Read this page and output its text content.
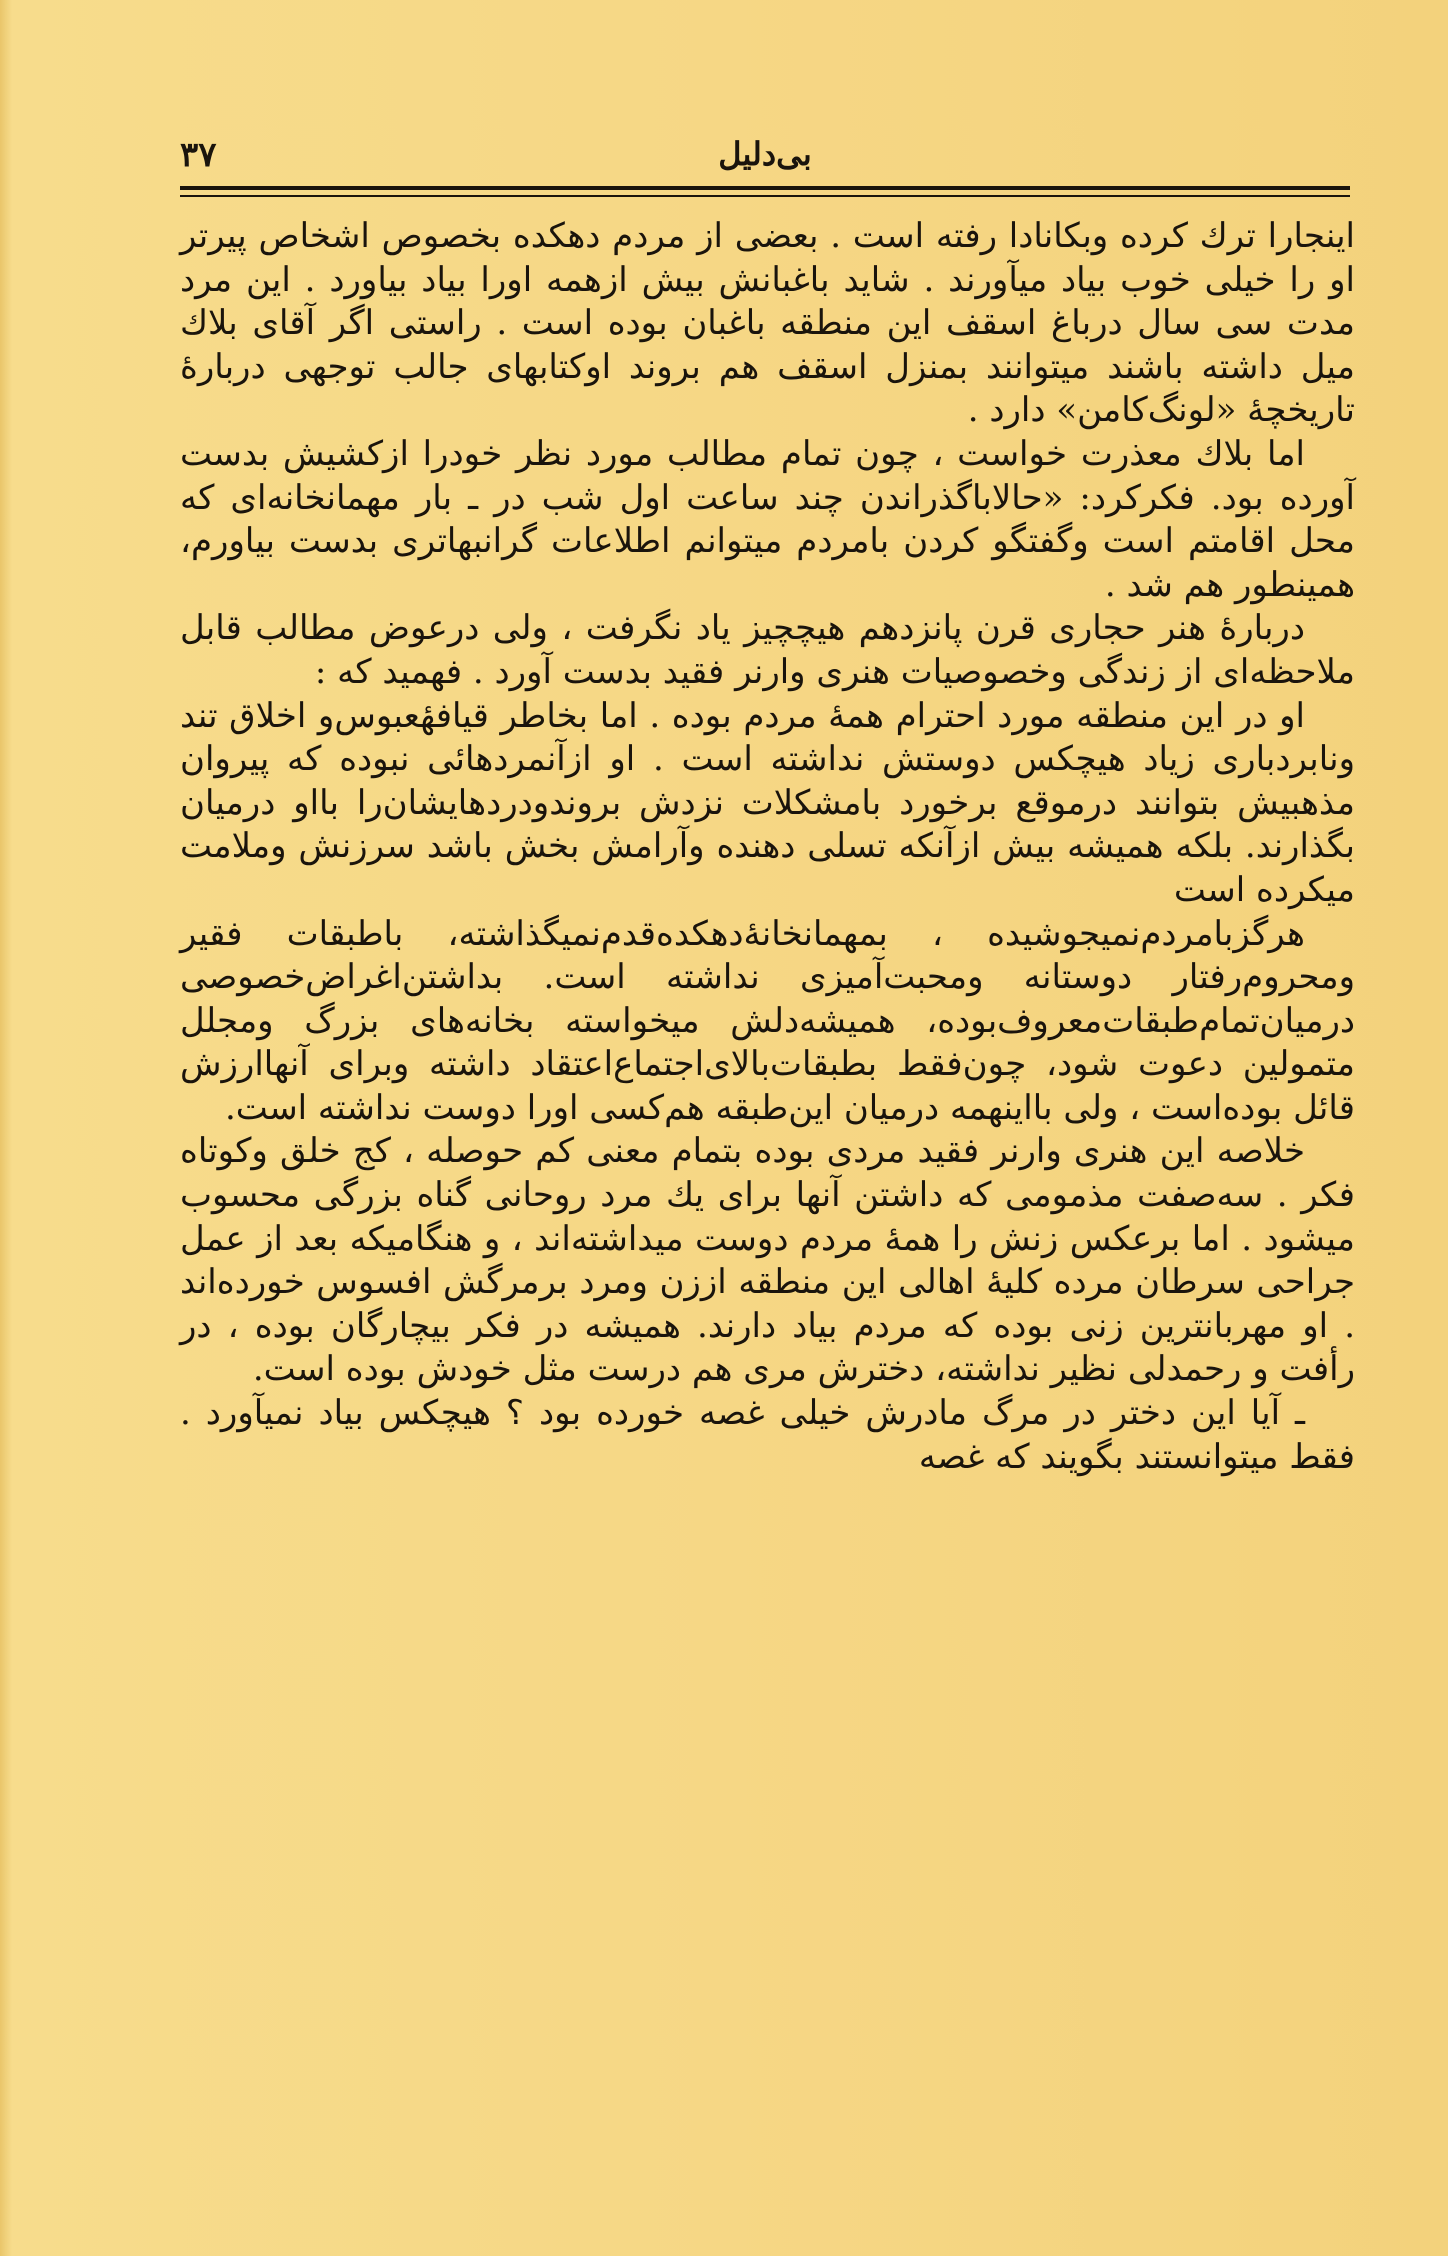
۳۷	بی‌دلیل

اینجارا ترك كرده وبكانادا رفته است . بعضی از مردم دهكده بخصوص اشخاص پیرتر او را خیلی خوب بیاد میآورند . شاید باغبانش بیش ازهمه اورا بیاد بیاورد . این مرد مدت سی سال درباغ اسقف این منطقه باغبان بوده است . راستی اگر آقای بلاك میل داشته باشند میتوانند بمنزل اسقف هم بروند اوكتابهای جالب توجهی دربارهٔ تاریخچهٔ «لونگ‌كامن» دارد .

اما بلاك معذرت خواست ، چون تمام مطالب مورد نظر خودرا ازكشیش بدست آورده بود. فكركرد: «حالاباگذراندن چند ساعت اول شب در ـ بار مهمانخانه‌ای كه محل اقامتم است وگفتگو كردن بامردم میتوانم اطلاعات گرانبهاتری بدست بیاورم، همینطور هم شد .

دربارهٔ هنر حجاری قرن پانزدهم هیچچیز یاد نگرفت ، ولی درعوض مطالب قابل ملاحظه‌ای از زندگی وخصوصیات هنری وارنر فقید بدست آورد . فهمید كه :

او در این منطقه مورد احترام همهٔ مردم بوده . اما بخاطر قیافهٔعبوس‌و اخلاق تند ونابردباری زیاد هیچكس دوستش نداشته است . او ازآنمردهائی نبوده كه پیروان مذهبیش بتوانند درموقع برخورد بامشكلات نزدش بروندودردهایشان‌را بااو درمیان بگذارند. بلكه همیشه بیش ازآنكه تسلی دهنده وآرامش بخش باشد سرزنش وملامت میكرده است

هرگزبامردم‌نمیجوشیده ، بمهمانخانهٔ‌دهكده‌قدم‌نمیگذاشته، باطبقات فقیر ومحروم‌رفتار دوستانه ومحبت‌آمیزی نداشته است. بداشتن‌اغراض‌خصوصی درمیان‌تمام‌طبقات‌معروف‌بوده، همیشه‌دلش میخواسته بخانه‌های بزرگ ومجلل متمولین دعوت شود، چون‌فقط بطبقات‌بالای‌اجتماع‌اعتقاد داشته وبرای آنهاارزش قائل بوده‌است ، ولی بااینهمه درمیان این‌طبقه هم‌كسی اورا دوست نداشته است.

خلاصه این هنری وارنر فقید مردی بوده بتمام معنی كم حوصله ، كج خلق وكوتاه فكر . سه‌صفت مذمومی كه داشتن آنها برای یك مرد روحانی گناه بزرگی محسوب میشود . اما برعكس زنش را همهٔ مردم دوست میداشته‌اند ، و هنگامیكه بعد از عمل جراحی سرطان مرده كلیهٔ اهالی این منطقه اززن ومرد برمرگش افسوس خورده‌اند . او مهربانترین زنی بوده كه مردم بیاد دارند. همیشه در فكر بیچارگان بوده ، در رأفت و رحمدلی نظیر نداشته، دخترش مری هم درست مثل خودش بوده است.

ـ آیا این دختر در مرگ مادرش خیلی غصه خورده بود ؟ هیچكس بیاد نمیآورد . فقط میتوانستند بگویند كه غصه
